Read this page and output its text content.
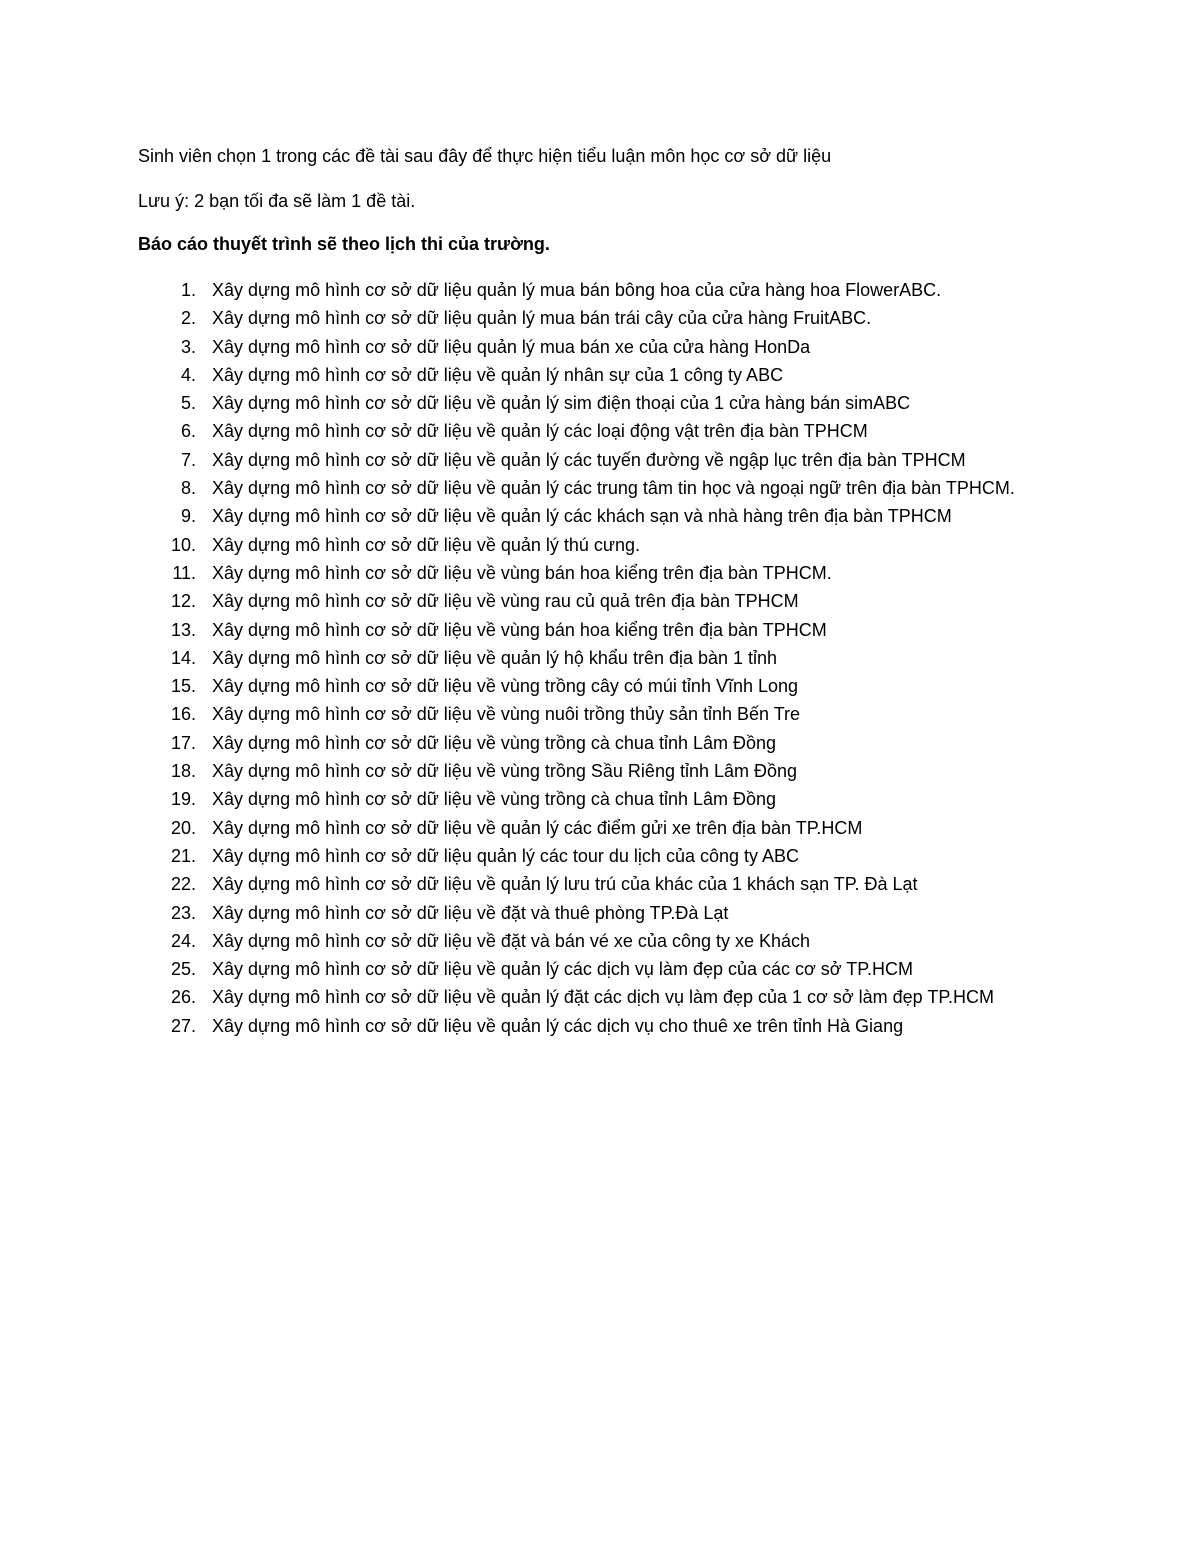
Sinh viên chọn 1 trong các đề tài sau đây để thực hiện tiểu luận môn học cơ sở dữ liệu
Lưu ý: 2 bạn tối đa sẽ làm 1 đề tài.
Báo cáo thuyết trình sẽ theo lịch thi của trường.
1. Xây dựng mô hình cơ sở dữ liệu quản lý mua bán bông hoa của cửa hàng hoa FlowerABC.
2. Xây dựng mô hình cơ sở dữ liệu quản lý mua bán trái cây của cửa hàng FruitABC.
3. Xây dựng mô hình cơ sở dữ liệu quản lý mua bán xe của cửa hàng HonDa
4. Xây dựng mô hình cơ sở dữ liệu về quản lý nhân sự của 1 công ty ABC
5. Xây dựng mô hình cơ sở dữ liệu về quản lý sim điện thoại của 1 cửa hàng bán simABC
6. Xây dựng mô hình cơ sở dữ liệu về quản lý các loại động vật trên địa bàn TPHCM
7. Xây dựng mô hình cơ sở dữ liệu về quản lý các tuyến đường về ngập lục trên địa bàn TPHCM
8. Xây dựng mô hình cơ sở dữ liệu về quản lý các trung tâm tin học và ngoại ngữ trên địa bàn TPHCM.
9. Xây dựng mô hình cơ sở dữ liệu về quản lý các khách sạn và nhà hàng trên địa bàn TPHCM
10. Xây dựng mô hình cơ sở dữ liệu về quản lý thú cưng.
11. Xây dựng mô hình cơ sở dữ liệu về vùng bán hoa kiểng trên địa bàn TPHCM.
12. Xây dựng mô hình cơ sở dữ liệu về vùng rau củ quả trên địa bàn TPHCM
13. Xây dựng mô hình cơ sở dữ liệu về vùng bán hoa kiểng trên địa bàn TPHCM
14. Xây dựng mô hình cơ sở dữ liệu về quản lý hộ khẩu trên địa bàn 1 tỉnh
15. Xây dựng mô hình cơ sở dữ liệu về vùng trồng cây có múi tỉnh Vĩnh Long
16. Xây dựng mô hình cơ sở dữ liệu về vùng nuôi trồng thủy sản tỉnh Bến Tre
17. Xây dựng mô hình cơ sở dữ liệu về vùng trồng cà chua tỉnh Lâm Đồng
18. Xây dựng mô hình cơ sở dữ liệu về vùng trồng Sầu Riêng tỉnh Lâm Đồng
19. Xây dựng mô hình cơ sở dữ liệu về vùng trồng cà chua tỉnh Lâm Đồng
20. Xây dựng mô hình cơ sở dữ liệu về quản lý các điểm gửi xe trên địa bàn TP.HCM
21. Xây dựng mô hình cơ sở dữ liệu quản lý các tour du lịch của công ty ABC
22. Xây dựng mô hình cơ sở dữ liệu về quản lý lưu trú của khác của 1 khách sạn TP. Đà Lạt
23. Xây dựng mô hình cơ sở dữ liệu về đặt và thuê phòng TP.Đà Lạt
24. Xây dựng mô hình cơ sở dữ liệu về đặt và bán vé xe của công ty xe Khách
25. Xây dựng mô hình cơ sở dữ liệu về quản lý các dịch vụ làm đẹp của các cơ sở TP.HCM
26. Xây dựng mô hình cơ sở dữ liệu về quản lý đặt các dịch vụ làm đẹp của 1 cơ sở làm đẹp TP.HCM
27. Xây dựng mô hình cơ sở dữ liệu về quản lý các dịch vụ cho thuê xe trên tỉnh Hà Giang
